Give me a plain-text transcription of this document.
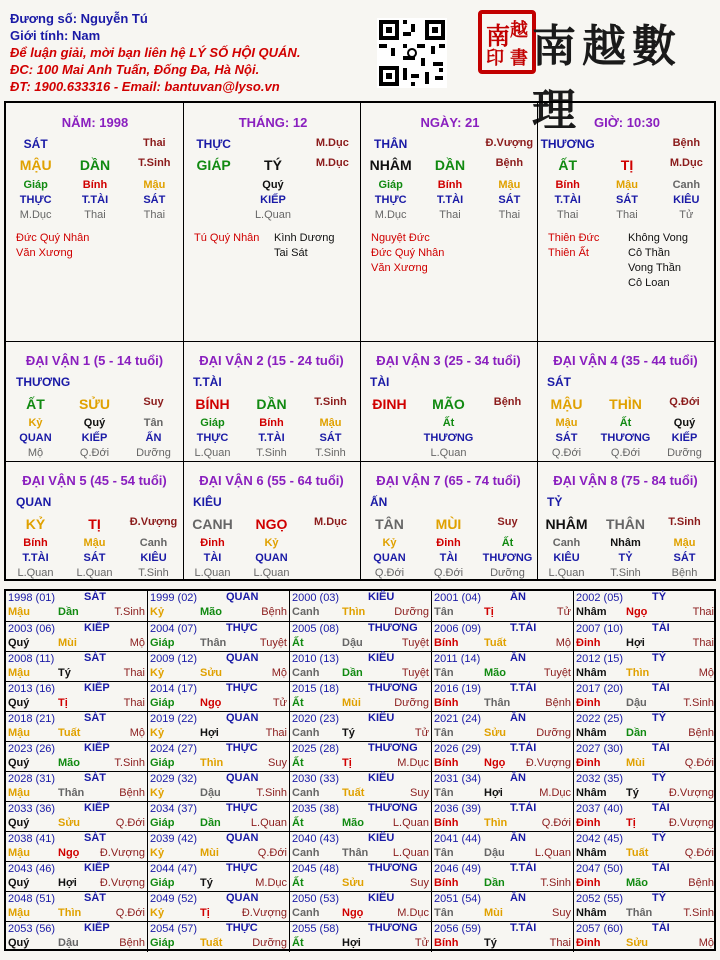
Đương số: Nguyễn Tú
Giới tính: Nam
Để luận giải, mời bạn liên hệ LÝ SỐ HỘI QUÁN.
ĐC: 100 Mai Anh Tuấn, Đống Đa, Hà Nội.
ĐT: 1900.633316 - Email: bantuvan@lyso.vn
南 越
印 書 南越數理
NĂM: 1998
SÁT	Thai
MẬU	DẦN	T.Sinh
Giáp	Bính	Mậu
THỰC	T.TÀI	SÁT
M.Dục	Thai	Thai
Đức Quý Nhân
Văn Xương
THÁNG: 12
THỰC	M.Dục
GIÁP	TÝ	M.Dục
Quý
KIẾP
L.Quan
Tú Quý Nhân Kình Dương
Tai Sát
NGÀY: 21
THÂN	Đ.Vượng
NHÂM	DẦN	Bệnh
Giáp	Bính	Mậu
THỰC	T.TÀI	SÁT
M.Dục	Thai	Thai
Nguyệt Đức
Đức Quý Nhân
Văn Xương
GIỜ: 10:30
THƯƠNG	Bệnh
ẤT	TỊ	M.Dục
Bính	Mậu	Canh
T.TÀI	SÁT	KIÊU
Thai	Thai	Tử
Thiên Đức
Thiên Ất
Không Vong
Cô Thần
Vong Thần
Cô Loan
ĐẠI VẬN 1 (5 - 14 tuổi)
THƯƠNG
ẤT	SỬU	Suy
Kỷ	Quý	Tân
QUAN	KIẾP	ẤN
Mộ	Q.Đới	Dưỡng
ĐẠI VẬN 2 (15 - 24 tuổi)
T.TÀI
BÍNH	DẦN	T.Sinh
Giáp	Bính	Mậu
THỰC	T.TÀI	SÁT
L.Quan	T.Sinh	T.Sinh
ĐẠI VẬN 3 (25 - 34 tuổi)
TÀI
ĐINH	MÃO	Bệnh
Ất
THƯƠNG
L.Quan
ĐẠI VẬN 4 (35 - 44 tuổi)
SÁT
MẬU	THÌN	Q.Đới
Mậu	Ất	Quý
SÁT	THƯƠNG	KIẾP
Q.Đới	Q.Đới	Dưỡng
ĐẠI VẬN 5 (45 - 54 tuổi)
QUAN
KỶ	TỊ	Đ.Vượng
Bính	Mậu	Canh
T.TÀI	SÁT	KIÊU
L.Quan	L.Quan	T.Sinh
ĐẠI VẬN 6 (55 - 64 tuổi)
KIÊU
CANH	NGỌ	M.Dục
Đinh	Kỷ
TÀI	QUAN
L.Quan	L.Quan
ĐẠI VẬN 7 (65 - 74 tuổi)
ẤN
TÂN	MÙI	Suy
Kỷ	Đinh	Ất
QUAN	TÀI	THƯƠNG
Q.Đới	Q.Đới	Dưỡng
ĐẠI VẬN 8 (75 - 84 tuổi)
TỶ
NHÂM	THÂN	T.Sinh
Canh	Nhâm	Mậu
KIÊU	TỶ	SÁT
L.Quan	T.Sinh	Bệnh
1998 (01)	SÁT
Mậu	Dần	T.Sinh
1999 (02)	QUAN
Kỷ	Mão	Bệnh
2000 (03)	KIÊU
Canh Thìn	Dưỡng
2001 (04)	ẤN
Tân	Tị	Tử
2002 (05)	TỶ
Nhâm Ngọ	Thai
2003 (06)	KIẾP
Quý	Mùi	Mộ
2004 (07)	THỰC
Giáp Thân	Tuyệt
2005 (08)	THƯƠNG
Ất	Dậu	Tuyệt
2006 (09)	T.TÀI
Bính Tuất	Mộ
2007 (10)	TÀI
Đinh Hợi	Thai
2008 (11)	SÁT
Mậu	Tý	Thai
2009 (12)	QUAN
Kỷ	Sửu	Mộ
2010 (13)	KIÊU
Canh Dần	Tuyệt
2011 (14)	ẤN
Tân	Mão	Tuyệt
2012 (15)	TỶ
Nhâm Thìn	Mộ
2013 (16)	KIẾP
Quý	Tị	Thai
2014 (17)	THỰC
Giáp Ngọ	Tử
2015 (18)	THƯƠNG
Ất	Mùi	Dưỡng
2016 (19)	T.TÀI
Bính Thân	Bệnh
2017 (20)	TÀI
Đinh Dậu	T.Sinh
2018 (21)	SÁT
Mậu	Tuất	Mộ
2019 (22)	QUAN
Kỷ	Hợi	Thai
2020 (23)	KIÊU
Canh Tý	Tử
2021 (24)	ẤN
Tân	Sửu	Dưỡng
2022 (25)	TỶ
Nhâm Dần	Bệnh
2023 (26)	KIẾP
Quý	Mão	T.Sinh
2024 (27)	THỰC
Giáp Thìn	Suy
2025 (28)	THƯƠNG
Ất	Tị	M.Dục
2026 (29)	T.TÀI
Bính Ngọ Đ.Vượng
2027 (30)	TÀI
Đinh Mùi	Q.Đới
2028 (31)	SÁT
Mậu	Thân	Bệnh
2029 (32)	QUAN
Kỷ	Dậu	T.Sinh
2030 (33)	KIÊU
Canh Tuất	Suy
2031 (34)	ẤN
Tân	Hợi	M.Dục
2032 (35)	TỶ
Nhâm Tý	Đ.Vượng
2033 (36)	KIẾP
Quý	Sửu	Q.Đới
2034 (37)	THỰC
Giáp Dần	L.Quan
2035 (38)	THƯƠNG
Ất	Mão	L.Quan
2036 (39)	T.TÀI
Bính Thìn	Q.Đới
2037 (40)	TÀI
Đinh Tị	Đ.Vượng
2038 (41)	SÁT
Mậu	Ngọ Đ.Vượng
2039 (42)	QUAN
Kỷ	Mùi	Q.Đới
2040 (43)	KIÊU
Canh Thân L.Quan
2041 (44)	ẤN
Tân	Dậu	L.Quan
2042 (45)	TỶ
Nhâm Tuất	Q.Đới
2043 (46)	KIẾP
Quý	Hợi Đ.Vượng
2044 (47)	THỰC
Giáp Tý	M.Dục
2045 (48)	THƯƠNG
Ất	Sửu	Suy
2046 (49)	T.TÀI
Bính Dần	T.Sinh
2047 (50)	TÀI
Đinh Mão	Bệnh
2048 (51)	SÁT
Mậu	Thìn	Q.Đới
2049 (52)	QUAN
Kỷ	Tị	Đ.Vượng
2050 (53)	KIÊU
Canh Ngọ	M.Dục
2051 (54)	ẤN
Tân	Mùi	Suy
2052 (55)	TỶ
Nhâm Thân	T.Sinh
2053 (56)	KIẾP
Quý	Dậu	Bệnh
2054 (57)	THỰC
Giáp Tuất	Dưỡng
2055 (58)	THƯƠNG
Ất	Hợi	Tử
2056 (59)	T.TÀI
Bính Tý	Thai
2057 (60)	TÀI
Đinh Sửu	Mộ
